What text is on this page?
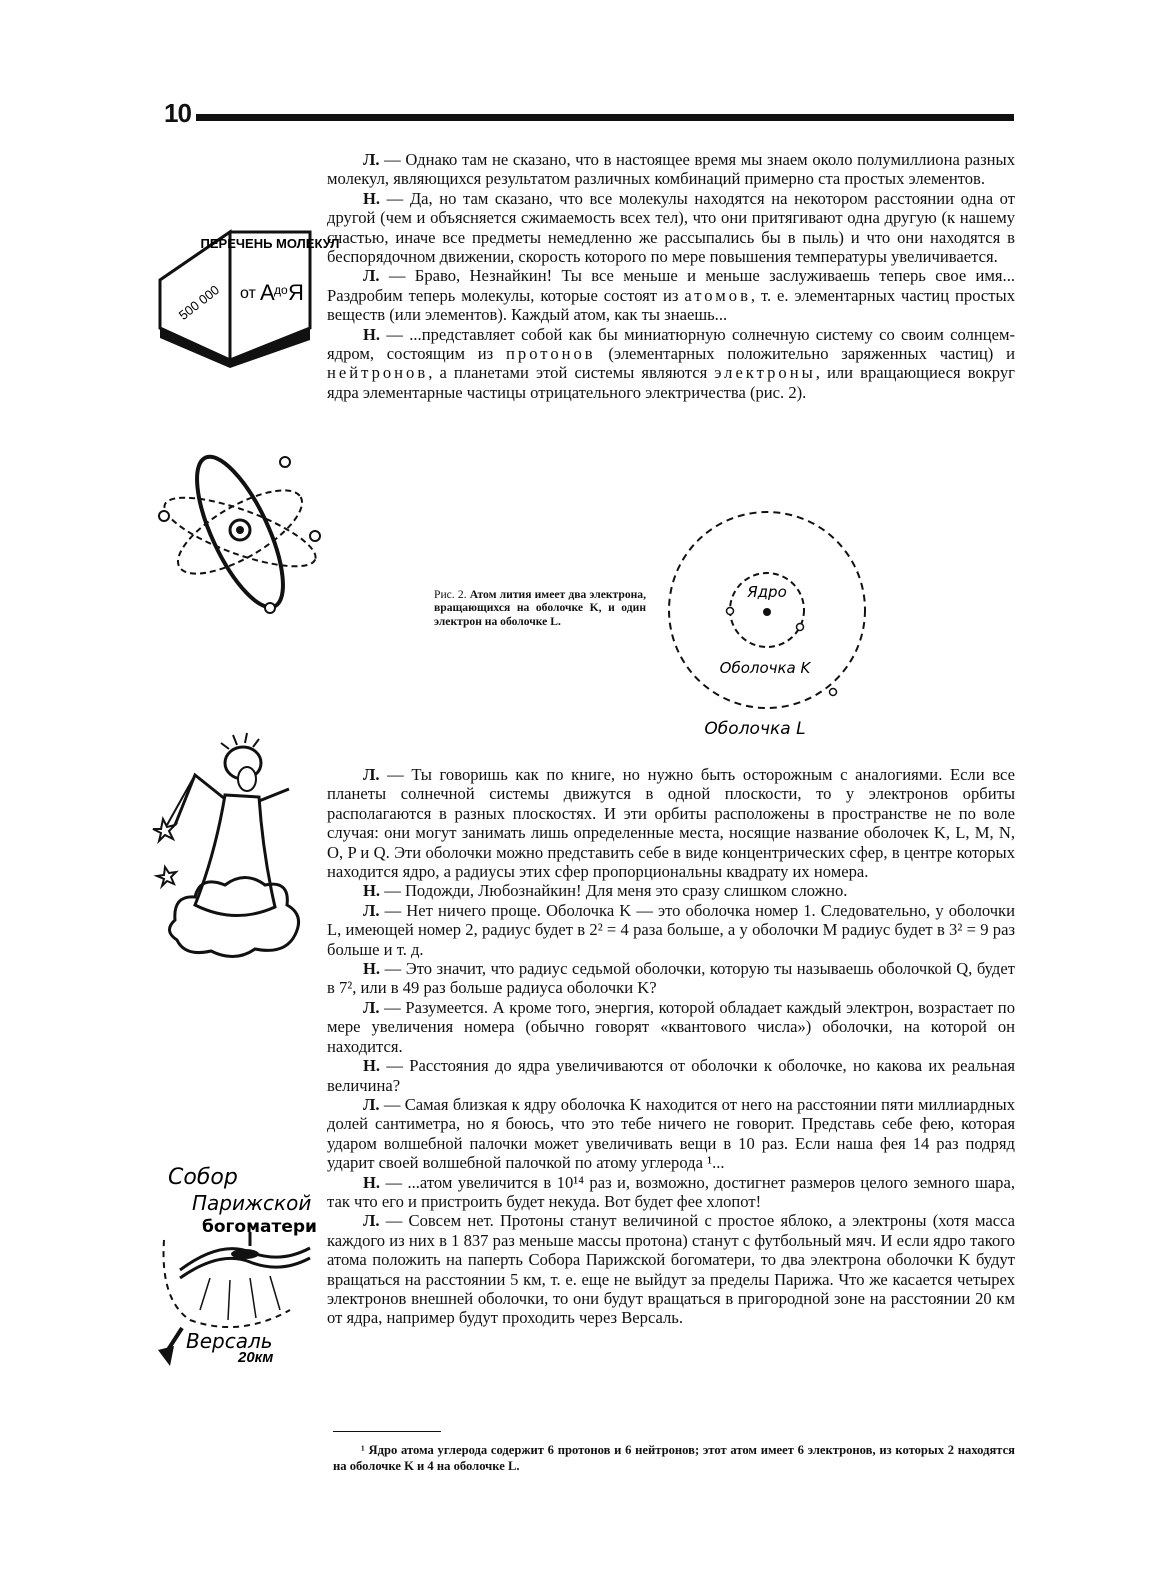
10

Л. — Однако там не сказано, что в настоящее время мы знаем около полумиллиона разных молекул, являющихся результатом различных комбинаций примерно ста простых элементов.

Н. — Да, но там сказано, что все молекулы находятся на некотором расстоянии одна от другой (чем и объясняется сжимаемость всех тел), что они притягивают одна другую (к нашему счастью, иначе все предметы немедленно же рассыпались бы в пыль) и что они находятся в беспорядочном движении, скорость которого по мере повышения температуры увеличивается.

Л. — Браво, Незнайкин! Ты все меньше и меньше заслуживаешь теперь свое имя... Раздробим теперь молекулы, которые состоят из атомов, т. е. элементарных частиц простых веществ (или элементов). Каждый атом, как ты знаешь...

Н. — ...представляет собой как бы миниатюрную солнечную систему со своим солнцем-ядром, состоящим из протонов (элементарных положительно заряженных частиц) и нейтронов, а планетами этой системы являются электроны, или вращающиеся вокруг ядра элементарные частицы отрицательного электричества (рис. 2).

ПЕРЕЧЕНЬ МОЛЕКУЛ
от А до Я
500 000
Рис. 2. Атом лития имеет два электрона, вращающихся на оболочке K, и один электрон на оболочке L.
Ядро
Оболочка K
Оболочка L

Л. — Ты говоришь как по книге, но нужно быть осторожным с аналогиями. Если все планеты солнечной системы движутся в одной плоскости, то у электронов орбиты располагаются в разных плоскостях. И эти орбиты расположены в пространстве не по воле случая: они могут занимать лишь определенные места, носящие название оболочек K, L, M, N, O, P и Q. Эти оболочки можно представить себе в виде концентрических сфер, в центре которых находится ядро, а радиусы этих сфер пропорциональны квадрату их номера.

Н. — Подожди, Любознайкин! Для меня это сразу слишком сложно.

Л. — Нет ничего проще. Оболочка K — это оболочка номер 1. Следовательно, у оболочки L, имеющей номер 2, радиус будет в 2² = 4 раза больше, а у оболочки M радиус будет в 3² = 9 раз больше и т. д.

Н. — Это значит, что радиус седьмой оболочки, которую ты называешь оболочкой Q, будет в 7², или в 49 раз больше радиуса оболочки K?

Л. — Разумеется. А кроме того, энергия, которой обладает каждый электрон, возрастает по мере увеличения номера (обычно говорят «квантового числа») оболочки, на которой он находится.

Н. — Расстояния до ядра увеличиваются от оболочки к оболочке, но какова их реальная величина?

Л. — Самая близкая к ядру оболочка K находится от него на расстоянии пяти миллиардных долей сантиметра, но я боюсь, что это тебе ничего не говорит. Представь себе фею, которая ударом волшебной палочки может увеличивать вещи в 10 раз. Если наша фея 14 раз подряд ударит своей волшебной палочкой по атому углерода ¹...

Н. — ...атом увеличится в 10¹⁴ раз и, возможно, достигнет размеров целого земного шара, так что его и пристроить будет некуда. Вот будет фее хлопот!

Л. — Совсем нет. Протоны станут величиной с простое яблоко, а электроны (хотя масса каждого из них в 1 837 раз меньше массы протона) станут с футбольный мяч. И если ядро такого атома положить на паперть Собора Парижской богоматери, то два электрона оболочки K будут вращаться на расстоянии 5 км, т. е. еще не выйдут за пределы Парижа. Что же касается четырех электронов внешней оболочки, то они будут вращаться в пригородной зоне на расстоянии 20 км от ядра, например будут проходить через Версаль.

Собор
Парижской
богоматери
Версаль
20км
¹ Ядро атома углерода содержит 6 протонов и 6 нейтронов; этот атом имеет 6 электронов, из которых 2 находятся на оболочке K и 4 на оболочке L.
